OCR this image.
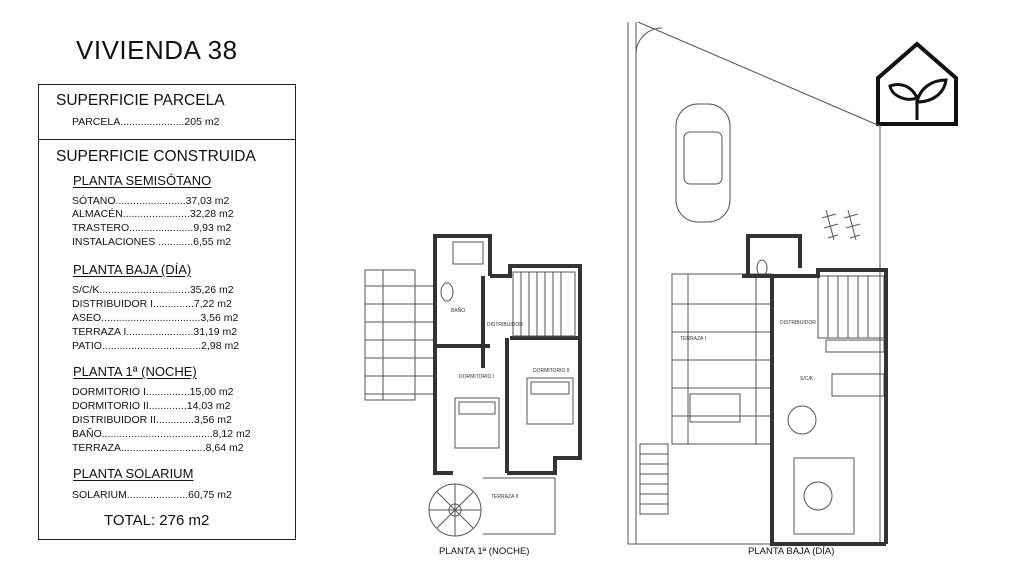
VIVIENDA 38
SUPERFICIE PARCELA
PARCELA......................205 m2
SUPERFICIE CONSTRUIDA
PLANTA SEMISÓTANO
SÓTANO........................37,03 m2
ALMACÉN.......................32,28 m2
TRASTERO......................9,93 m2
INSTALACIONES ............6,55 m2
PLANTA BAJA (DÍA)
S/C/K...............................35,26 m2
DISTRIBUIDOR I..............7,22 m2
ASEO..................................3,56 m2
TERRAZA I.......................31,19 m2
PATIO..................................2,98 m2
PLANTA 1ª (NOCHE)
DORMITORIO I...............15,00 m2
DORMITORIO II.............14,03 m2
DISTRIBUIDOR II.............3,56 m2
BAÑO......................................8,12 m2
TERRAZA.............................8,64 m2
PLANTA SOLARIUM
SOLARIUM.....................60,75 m2
TOTAL: 276 m2
BAÑO
DISTRIBUIDOR
DORMITORIO I
DORMITORIO II
TERRAZA II
PLANTA 1ª (NOCHE)
TERRAZA I
DISTRIBUIDOR
S/C/K
PLANTA BAJA (DÍA)
